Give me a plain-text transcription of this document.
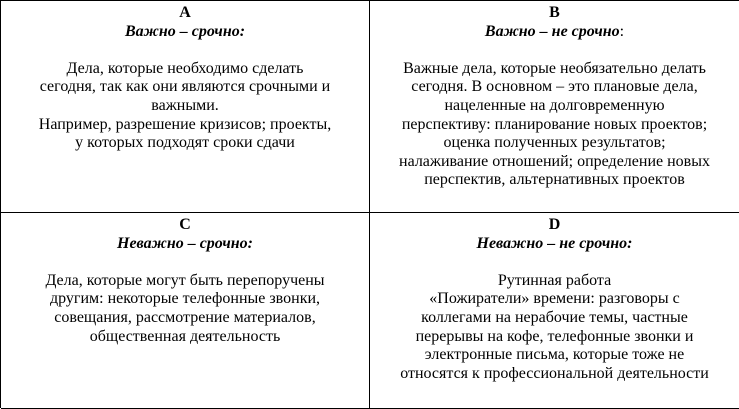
A

Важно – срочно:

Дела, которые необходимо сделать
сегодня, так как они являются срочными и
важными.
Например, разрешение кризисов; проекты,
у которых подходят сроки сдачи

B

Важно – не срочно:

Важные дела, которые необязательно делать
сегодня. В основном – это плановые дела,
нацеленные на долговременную
перспективу: планирование новых проектов;
оценка полученных результатов;
налаживание отношений; определение новых
перспектив, альтернативных проектов

C

Неважно – срочно:

Дела, которые могут быть перепоручены
другим: некоторые телефонные звонки,
совещания, рассмотрение материалов,
общественная деятельность

D

Неважно – не срочно:

Рутинная работа
«Пожиратели» времени: разговоры с
коллегами на нерабочие темы, частные
перерывы на кофе, телефонные звонки и
электронные письма, которые тоже не
относятся к профессиональной деятельности
